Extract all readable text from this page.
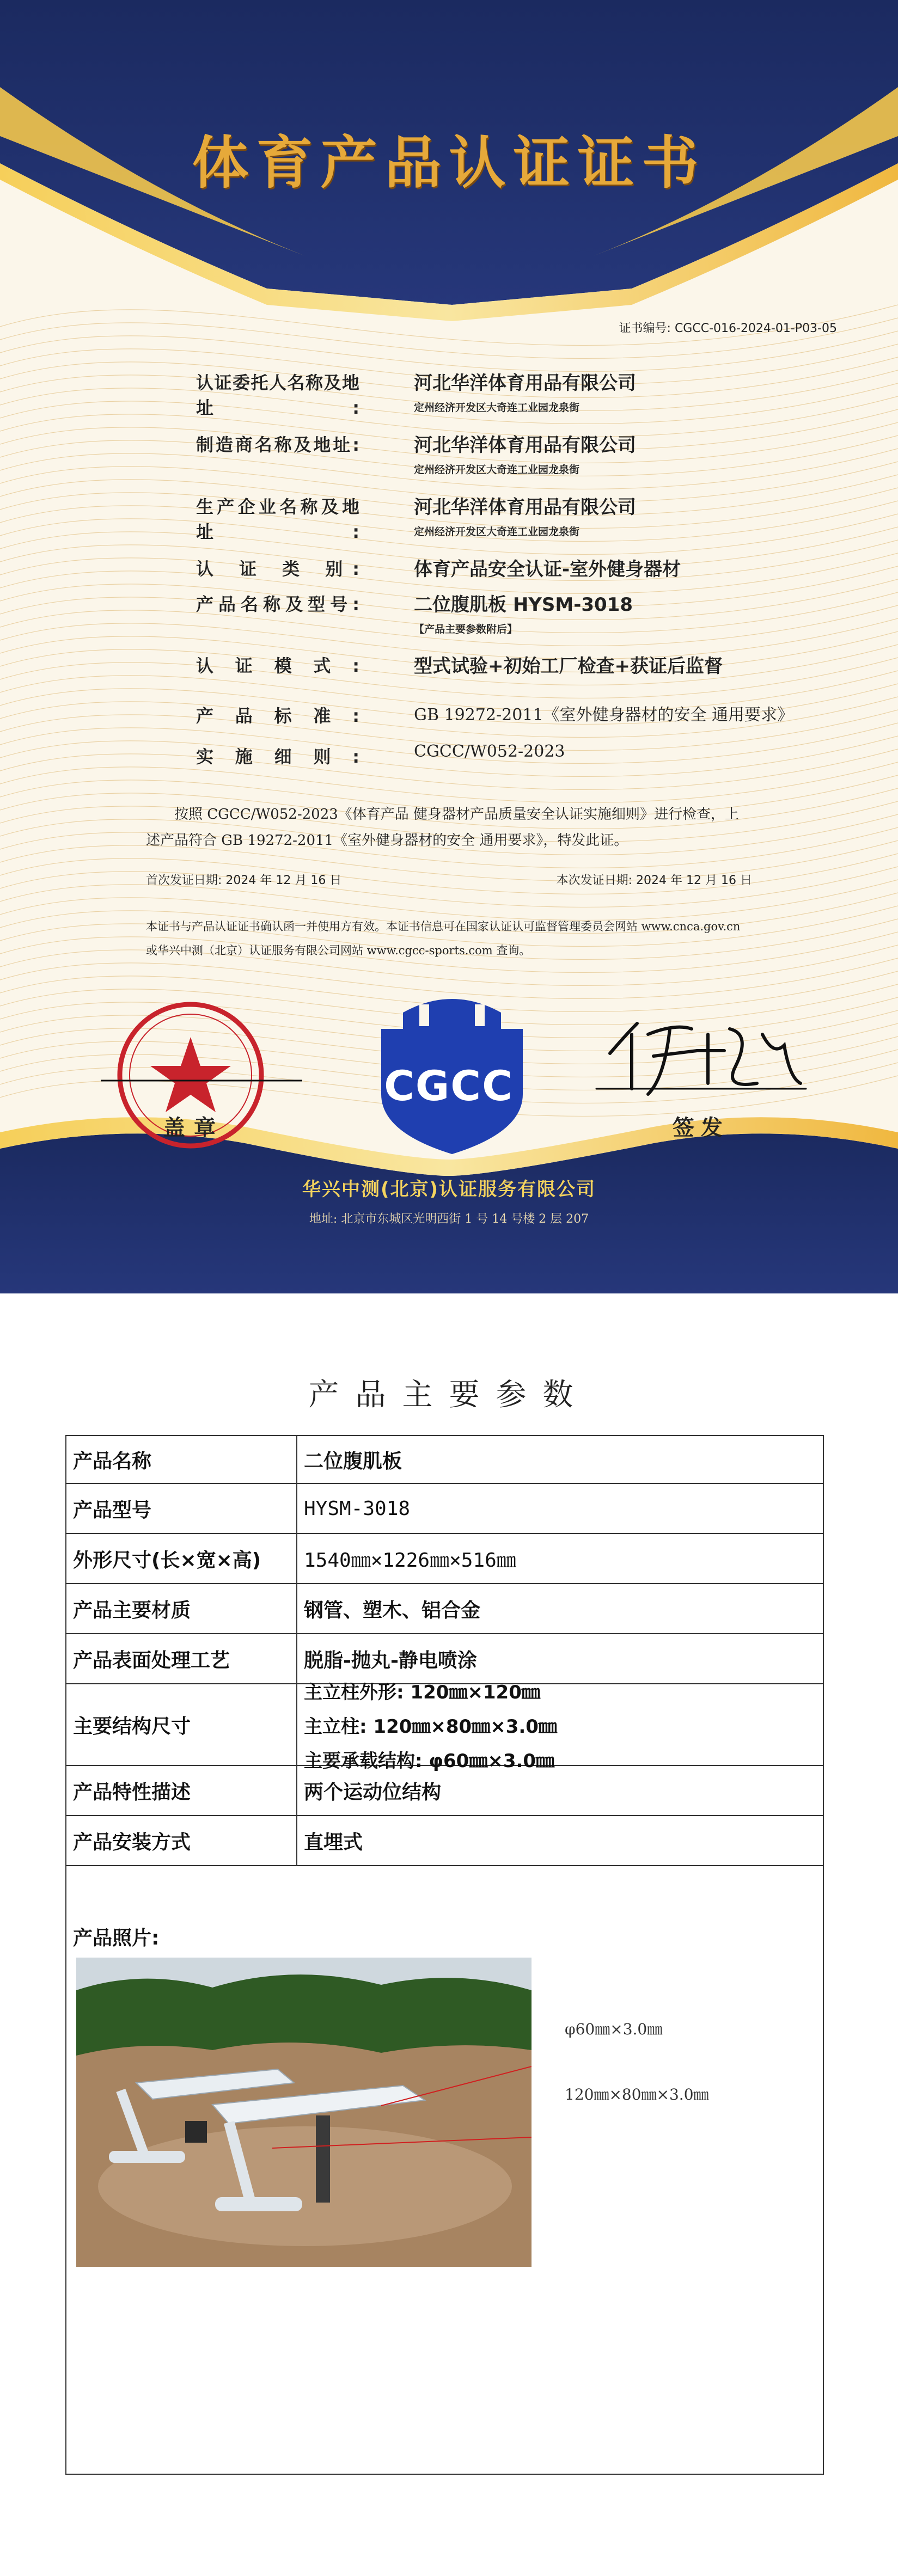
体育产品认证证书
证书编号: CGCC-016-2024-01-P03-05
认证委托人名称及地址:
河北华洋体育用品有限公司
定州经济开发区大奇连工业园龙泉街
制造商名称及地址:	河北华洋体育用品有限公司
定州经济开发区大奇连工业园龙泉街
生产企业名称及地址:
河北华洋体育用品有限公司
定州经济开发区大奇连工业园龙泉街
认 证 类 别:	体育产品安全认证-室外健身器材
产品名称及型号:	二位腹肌板 HYSM-3018
【产品主要参数附后】
认 证 模 式 :	型式试验+初始工厂检查+获证后监督
产 品 标 准 :	GB 19272-2011《室外健身器材的安全 通用要求》
实 施 细 则 :	CGCC/W052-2023
按照 CGCC/W052-2023《体育产品 健身器材产品质量安全认证实施细则》进行检查，上述产品符合 GB 19272-2011《室外健身器材的安全 通用要求》，特发此证。
首次发证日期: 2024 年 12 月 16 日	本次发证日期: 2024 年 12 月 16 日
本证书与产品认证证书确认函一并使用方有效。本证书信息可在国家认证认可监督管理委员会网站 www.cnca.gov.cn 或华兴中测（北京）认证服务有限公司网站 www.cgcc-sports.com 查询。
CGCC
盖章	签发
华兴中测(北京)认证服务有限公司
地址: 北京市东城区光明西街 1 号 14 号楼 2 层 207
产品主要参数
产品名称	二位腹肌板
产品型号	HYSM-3018
外形尺寸(长×宽×高)	1540㎜×1226㎜×516㎜
产品主要材质	钢管、塑木、铝合金
产品表面处理工艺	脱脂-抛丸-静电喷涂
主要结构尺寸
主立柱外形: 120㎜×120㎜
主立柱: 120㎜×80㎜×3.0㎜
主要承载结构: φ60㎜×3.0㎜
产品特性描述	两个运动位结构
产品安装方式	直埋式
产品照片:
φ60㎜×3.0㎜
120㎜×80㎜×3.0㎜
